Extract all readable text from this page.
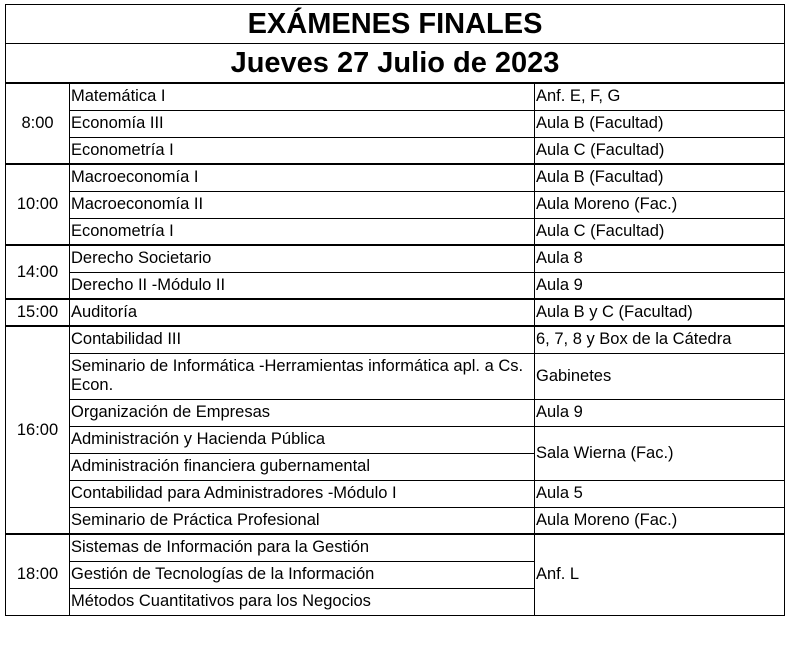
EXÁMENES FINALES		
Jueves 27 Julio de 2023		
8:00	Matemática I	Anf. E, F, G
	Economía III	Aula B (Facultad)
	Econometría I	Aula C (Facultad)
10:00	Macroeconomía I	Aula B (Facultad)
	Macroeconomía II	Aula Moreno (Fac.)
	Econometría I	Aula C (Facultad)
14:00	Derecho Societario	Aula 8
	Derecho II -Módulo II	Aula 9
15:00	Auditoría	Aula B y C (Facultad)
16:00	Contabilidad III	6, 7, 8 y Box de la Cátedra
	Seminario de Informática -Herramientas informática apl. a Cs. Econ.	Gabinetes
	Organización de Empresas	Aula 9
	Administración y Hacienda Pública	Sala Wierna (Fac.)
	Administración financiera gubernamental	
	Contabilidad para Administradores -Módulo I	Aula 5
	Seminario de Práctica Profesional	Aula Moreno (Fac.)

18:00	Sistemas de Información para la Gestión	Anf. L
	Gestión de Tecnologías de la Información	
	Métodos Cuantitativos para los Negocios	
